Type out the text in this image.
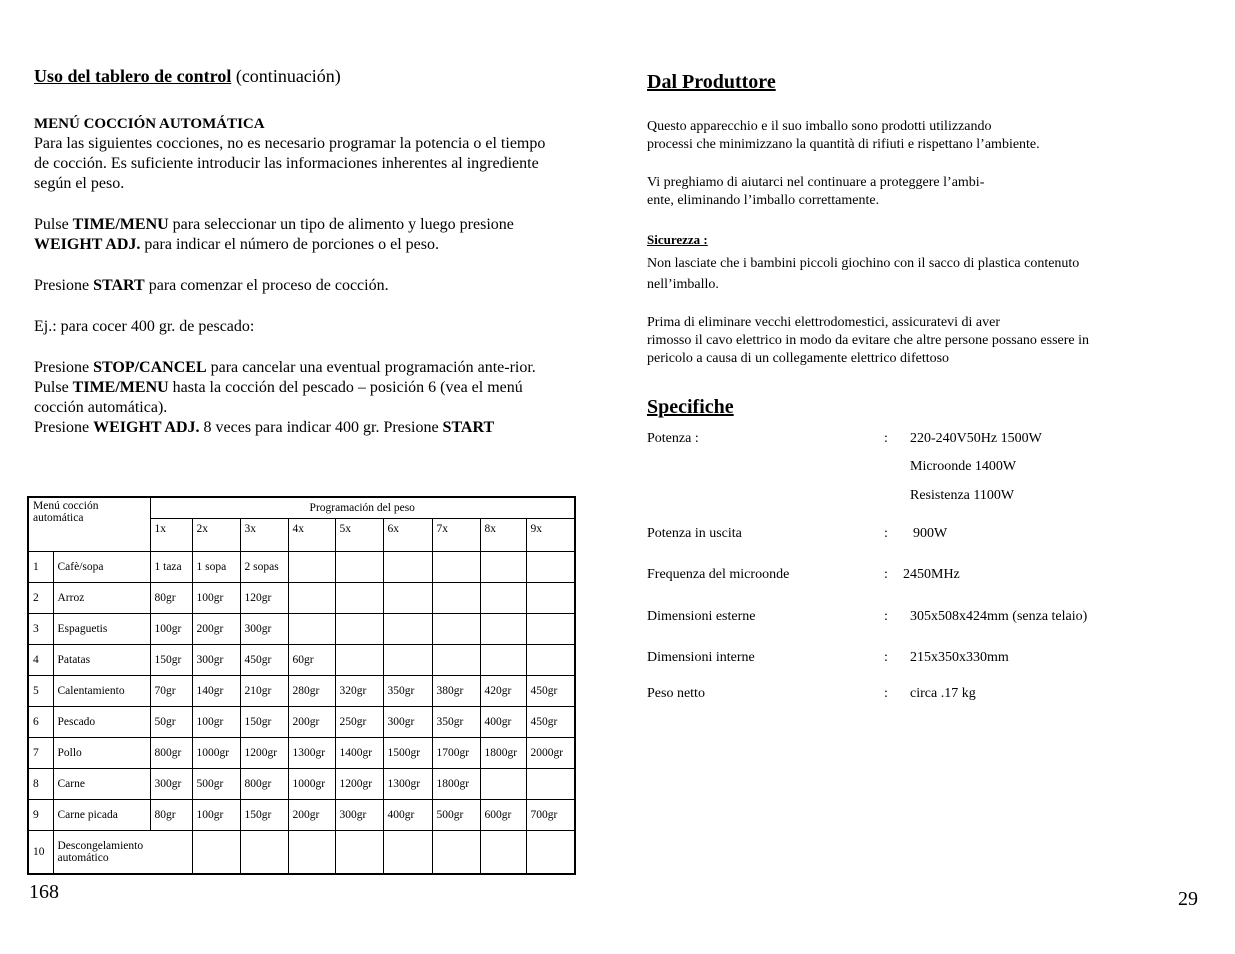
Uso del tablero de control (continuación)

MENÚ COCCIÓN AUTOMÁTICA

Para las siguientes cocciones, no es necesario programar la potencia o el tiempo de cocción. Es suficiente introducir las informaciones inherentes al ingrediente según el peso.

Pulse TIME/MENU para seleccionar un tipo de alimento y luego presione WEIGHT ADJ. para indicar el número de porciones o el peso.

Presione START para comenzar el proceso de cocción.

Ej.: para cocer 400 gr. de pescado:

Presione STOP/CANCEL para cancelar una eventual programación ante-rior.

Pulse TIME/MENU hasta la cocción del pescado – posición 6 (vea el menú cocción automática).

Presione WEIGHT ADJ. 8 veces para indicar 400 gr. Presione START

Menú cocción automática		Programación del peso								
		1x	2x	3x	4x	5x	6x	7x	8x	9x
1	Cafè/sopa	1 taza	1 sopa	2 sopas						
2	Arroz	80gr	100gr	120gr						
3	Espaguetis	100gr	200gr	300gr						
4	Patatas	150gr	300gr	450gr	60gr					
5	Calentamiento	70gr	140gr	210gr	280gr	320gr	350gr	380gr	420gr	450gr
6	Pescado	50gr	100gr	150gr	200gr	250gr	300gr	350gr	400gr	450gr
7	Pollo	800gr	1000gr	1200gr	1300gr	1400gr	1500gr	1700gr	1800gr	2000gr
8	Carne	300gr	500gr	800gr	1000gr	1200gr	1300gr	1800gr		
9	Carne picada	80gr	100gr	150gr	200gr	300gr	400gr	500gr	600gr	700gr
10	Descongelamiento automático									
168
Dal Produttore
Questo apparecchio e il suo imballo sono prodotti utilizzando
processi che minimizzano la quantità di rifiuti e rispettano l’ambiente.
Vi preghiamo di aiutarci nel continuare a proteggere l’ambi-
ente, eliminando l’imballo correttamente.
Sicurezza :
Non lasciate che i bambini piccoli giochino con il sacco di plastica contenuto
nell’imballo.
Prima di eliminare vecchi elettrodomestici, assicuratevi di aver
rimosso il cavo elettrico in modo da evitare che altre persone possano essere in
pericolo a causa di un collegamente elettrico difettoso
Specifiche
Potenza :	: 220-240V50Hz 1500W
Microonde 1400W
Resistenza 1100W
Potenza in uscita	: 900W
Frequenza del microonde	: 2450MHz
Dimensioni esterne	: 305x508x424mm (senza telaio)
Dimensioni interne	: 215x350x330mm
Peso netto	: circa .17 kg
29
